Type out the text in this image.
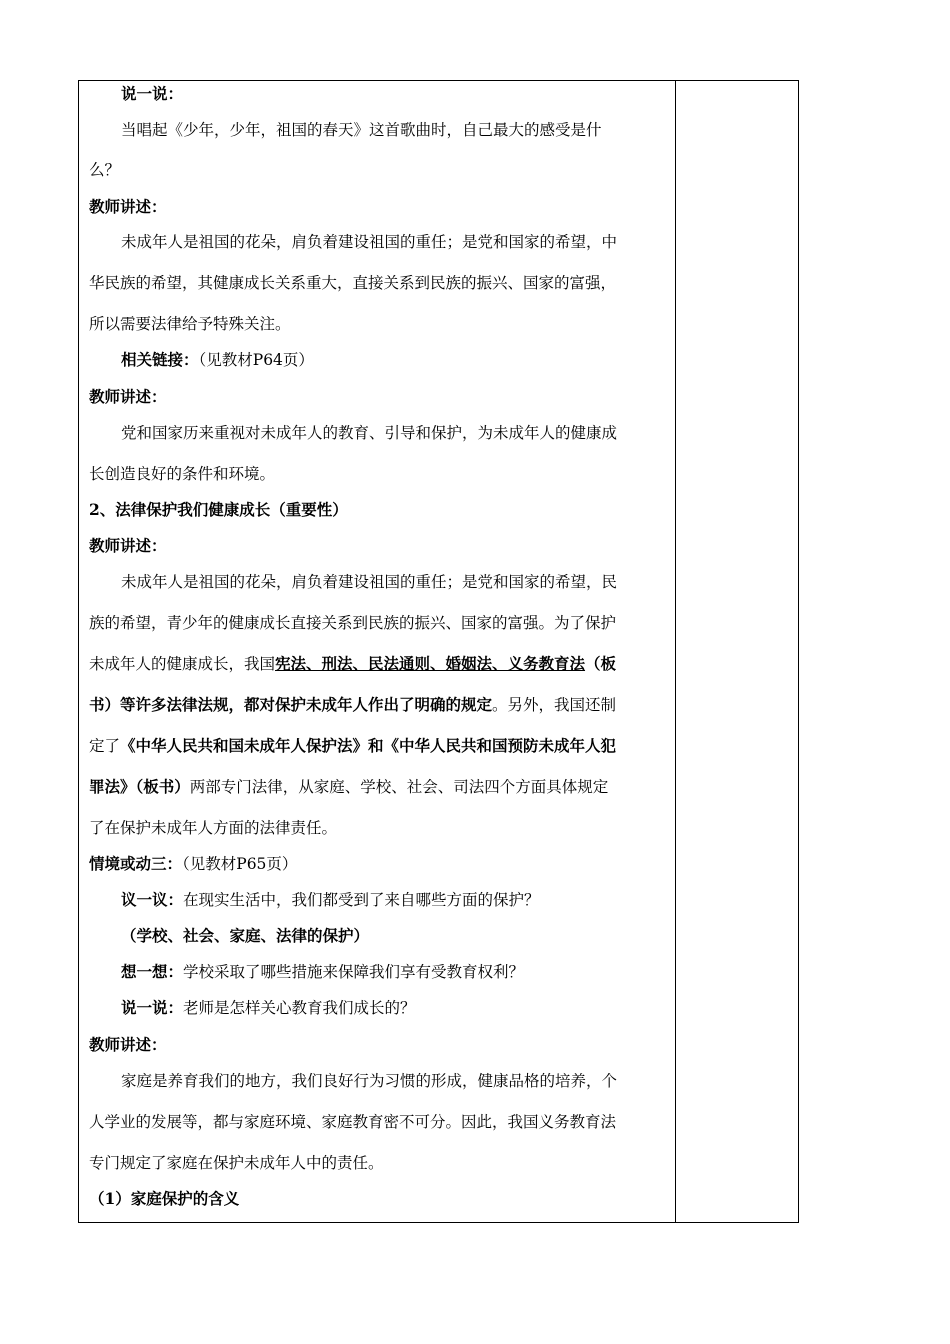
说一说：
当唱起《少年，少年，祖国的春天》这首歌曲时，自己最大的感受是什
么？
教师讲述：
未成年人是祖国的花朵，肩负着建设祖国的重任；是党和国家的希望，中
华民族的希望，其健康成长关系重大，直接关系到民族的振兴、国家的富强，
所以需要法律给予特殊关注。
相关链接：（见教材P64页）
教师讲述：
党和国家历来重视对未成年人的教育、引导和保护，为未成年人的健康成
长创造良好的条件和环境。
2、法律保护我们健康成长（重要性）
教师讲述：
未成年人是祖国的花朵，肩负着建设祖国的重任；是党和国家的希望，民
族的希望，青少年的健康成长直接关系到民族的振兴、国家的富强。为了保护
未成年人的健康成长，我国宪法、刑法、民法通则、婚姻法、义务教育法（板
书）等许多法律法规，都对保护未成年人作出了明确的规定。另外，我国还制
定了《中华人民共和国未成年人保护法》和《中华人民共和国预防未成年人犯
罪法》（板书）两部专门法律，从家庭、学校、社会、司法四个方面具体规定
了在保护未成年人方面的法律责任。
情境或动三：（见教材P65页）
议一议：在现实生活中，我们都受到了来自哪些方面的保护？
（学校、社会、家庭、法律的保护）
想一想：学校采取了哪些措施来保障我们享有受教育权利？
说一说：老师是怎样关心教育我们成长的？
教师讲述：
家庭是养育我们的地方，我们良好行为习惯的形成，健康品格的培养，个
人学业的发展等，都与家庭环境、家庭教育密不可分。因此，我国义务教育法
专门规定了家庭在保护未成年人中的责任。
（1）家庭保护的含义
